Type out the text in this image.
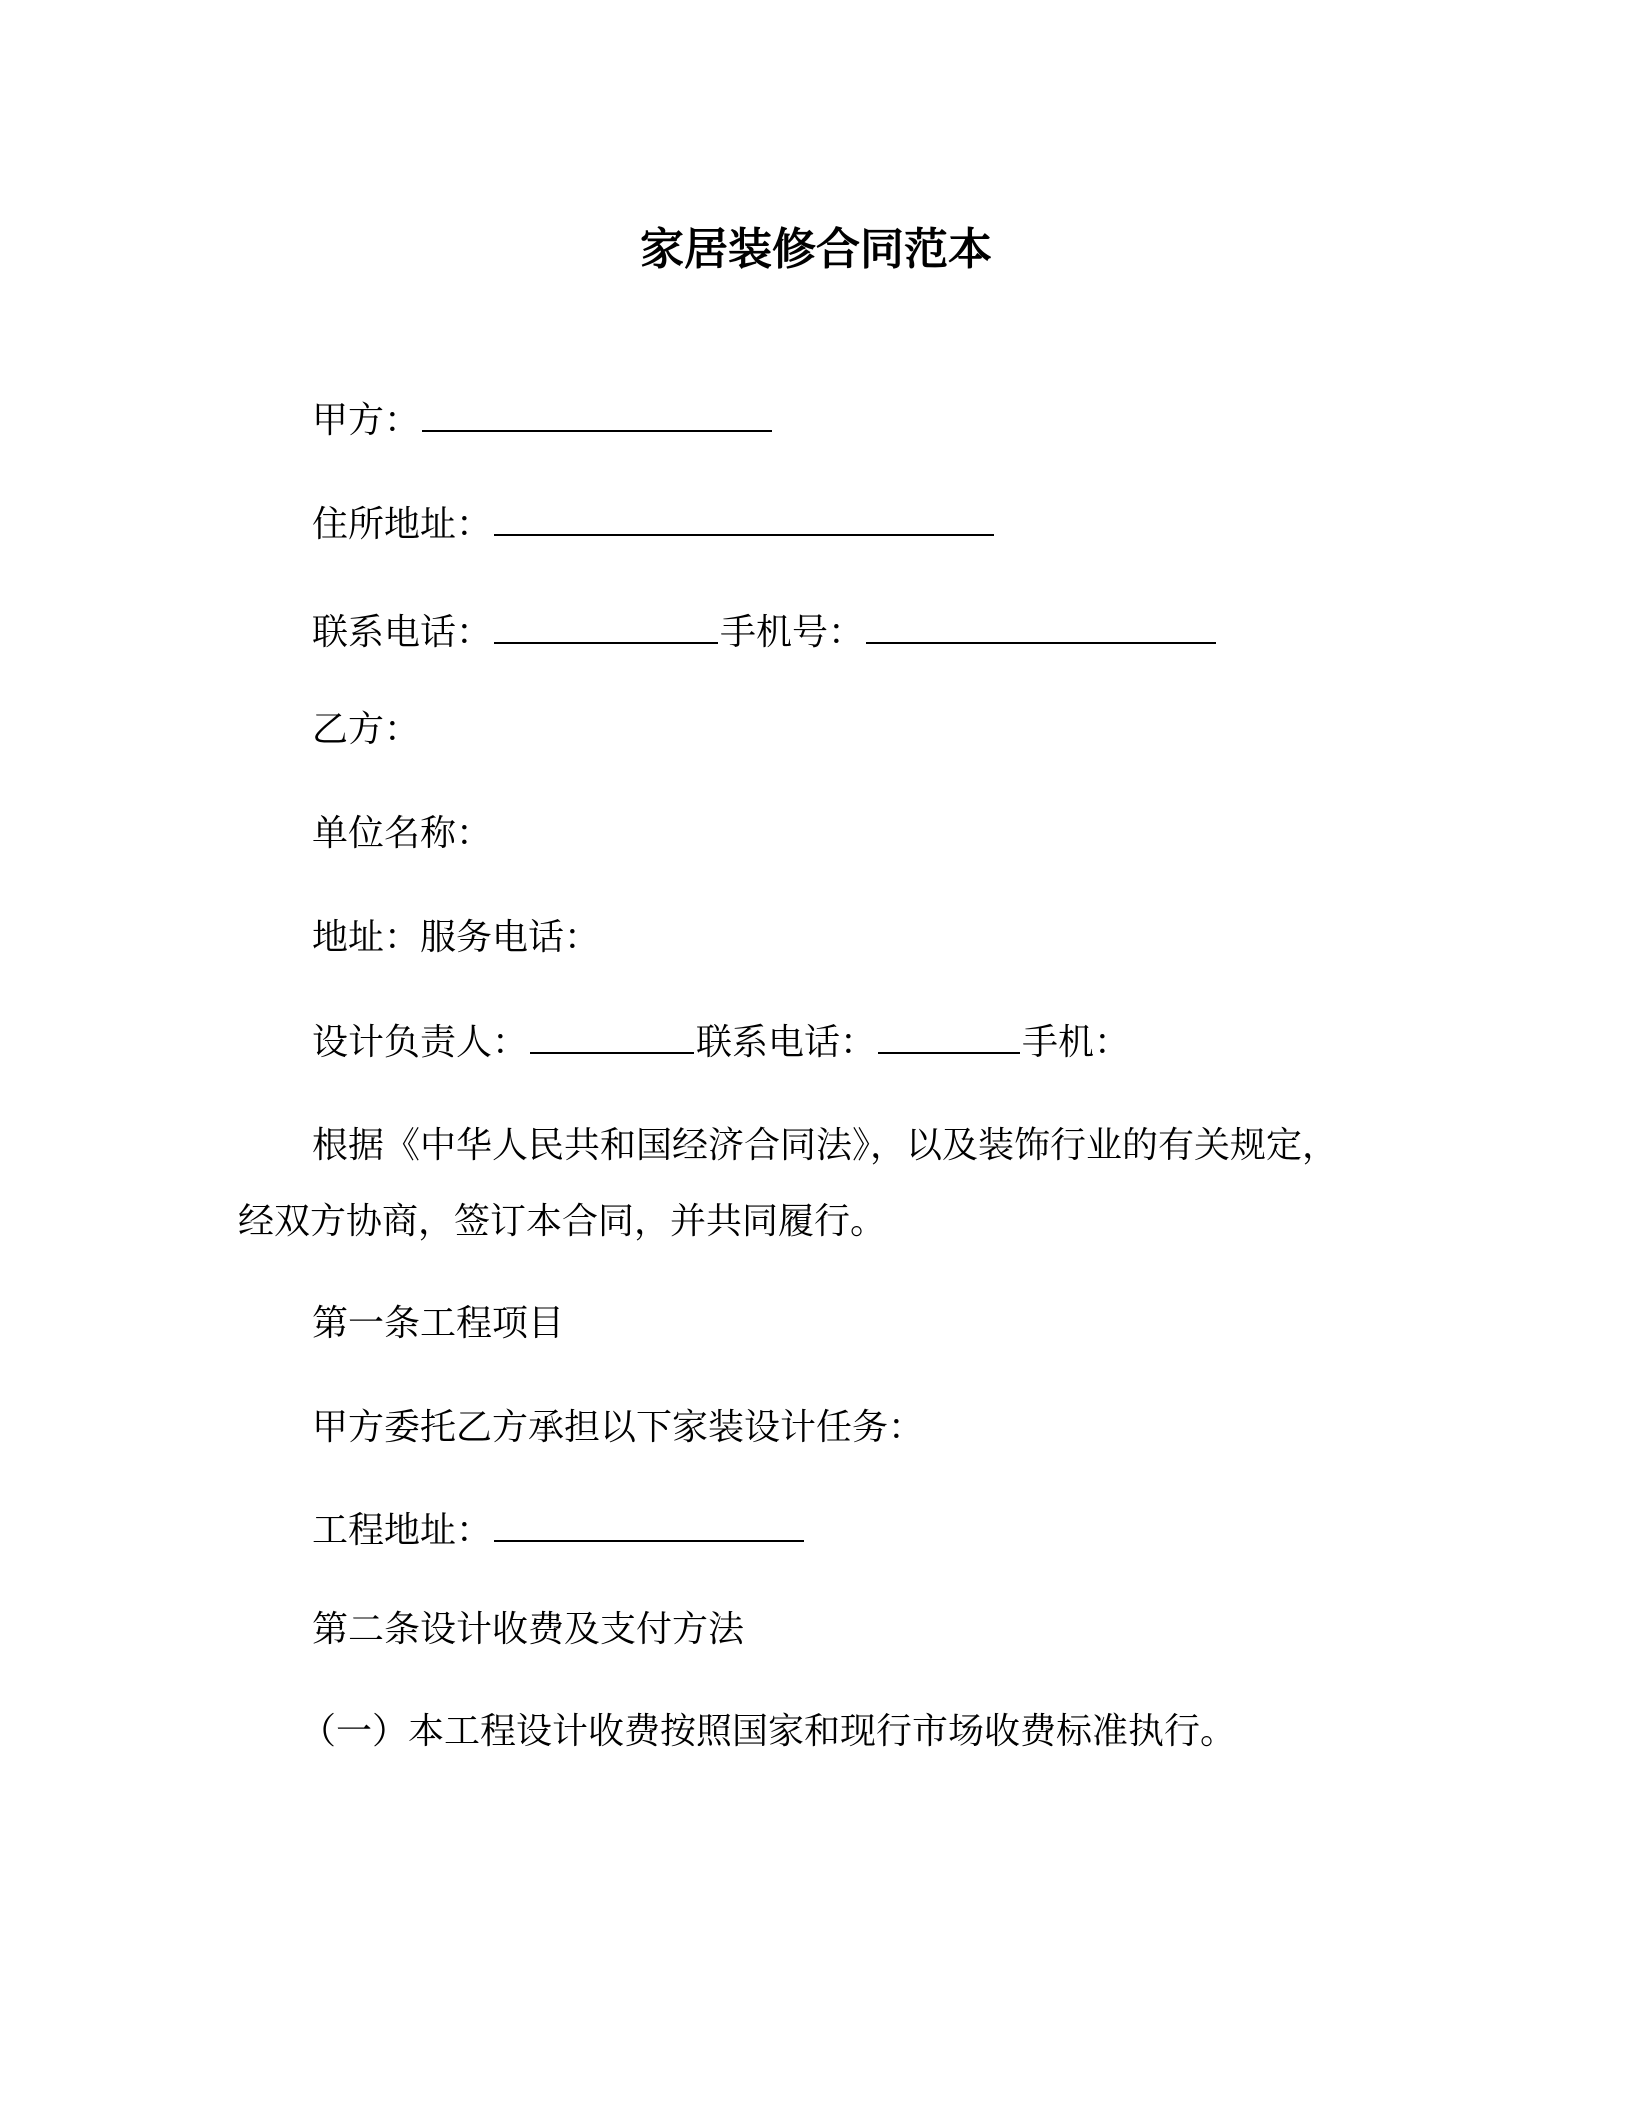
家居装修合同范本

甲方：

住所地址：

联系电话：	手机号：

乙方：

单位名称：

地址：服务电话：

设计负责人：	联系电话：	手机：

根据《中华人民共和国经济合同法》，以及装饰行业的有关规定，

经双方协商，签订本合同，并共同履行。

第一条工程项目

甲方委托乙方承担以下家装设计任务：

工程地址：

第二条设计收费及支付方法

（一）本工程设计收费按照国家和现行市场收费标准执行。
